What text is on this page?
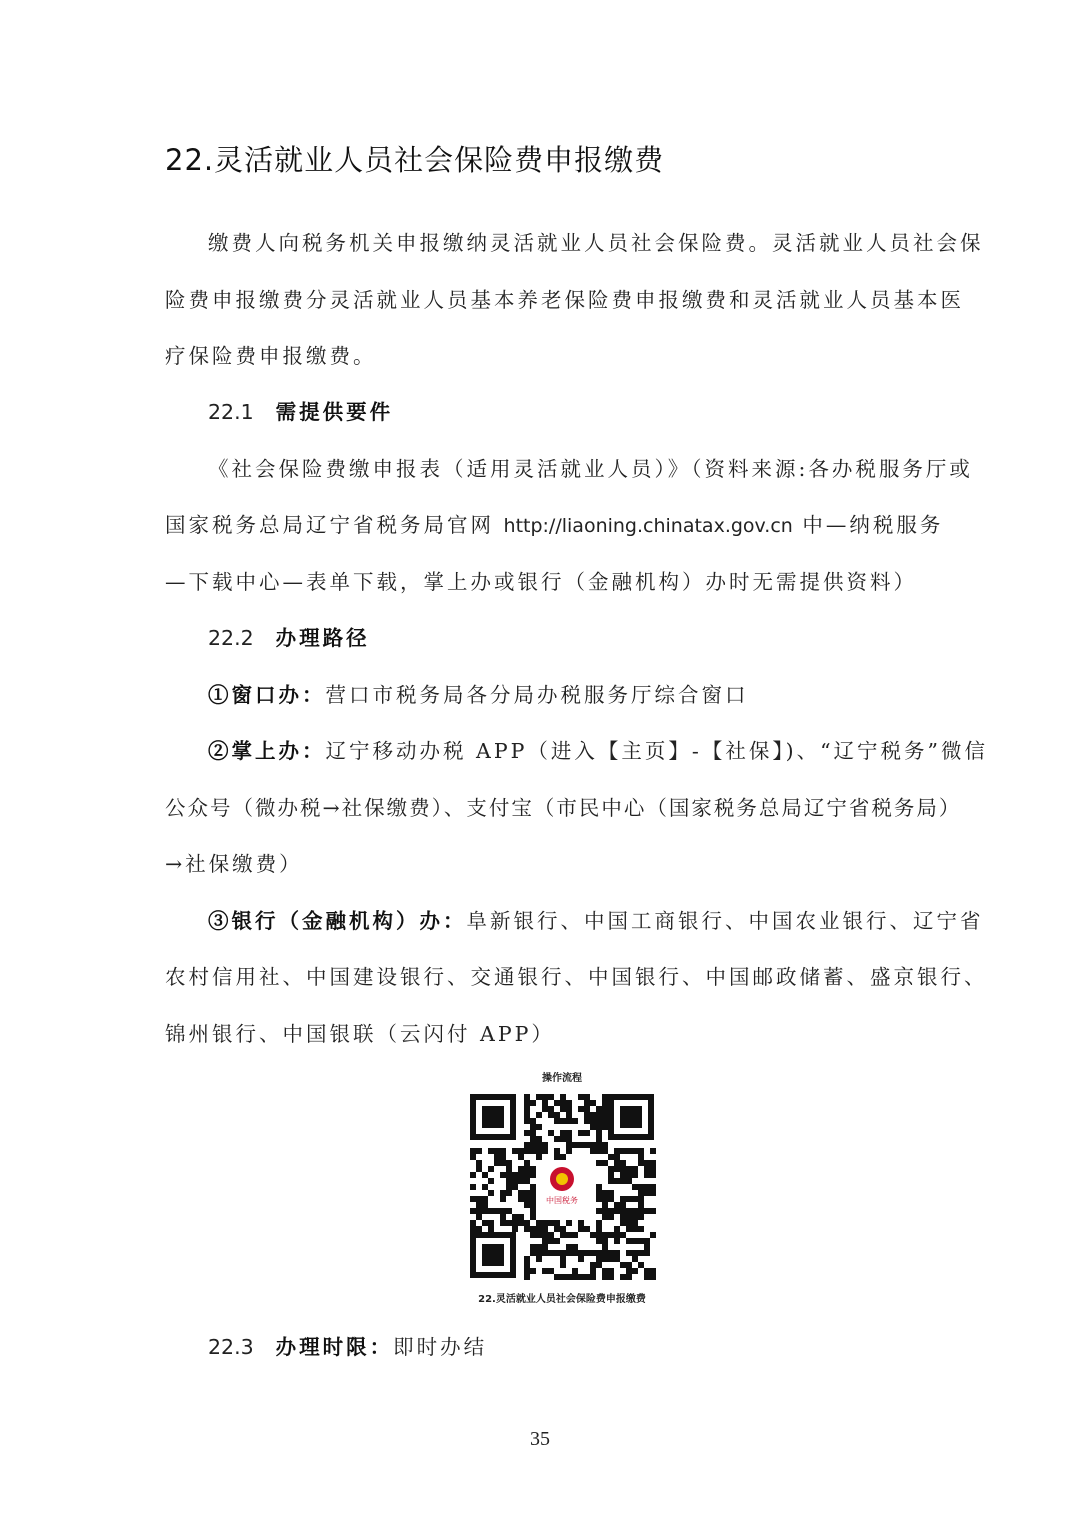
22.灵活就业人员社会保险费申报缴费
缴费人向税务机关申报缴纳灵活就业人员社会保险费。灵活就业人员社会保
险费申报缴费分灵活就业人员基本养老保险费申报缴费和灵活就业人员基本医
疗保险费申报缴费。
22.1 需提供要件
《社会保险费缴申报表（适用灵活就业人员）》（资料来源:各办税服务厅或
国家税务总局辽宁省税务局官网 http://liaoning.chinatax.gov.cn 中—纳税服务
—下载中心—表单下载，掌上办或银行（金融机构）办时无需提供资料）
22.2 办理路径
①窗口办：营口市税务局各分局办税服务厅综合窗口
②掌上办：辽宁移动办税 APP（进入【主页】-【社保】)、“辽宁税务”微信
公众号（微办税→社保缴费）、支付宝（市民中心（国家税务总局辽宁省税务局）
→社保缴费）
③银行（金融机构）办：阜新银行、中国工商银行、中国农业银行、辽宁省
农村信用社、中国建设银行、交通银行、中国银行、中国邮政储蓄、盛京银行、
锦州银行、中国银联（云闪付 APP）
操作流程
中国税务
22.灵活就业人员社会保险费申报缴费
22.3 办理时限：即时办结
35
